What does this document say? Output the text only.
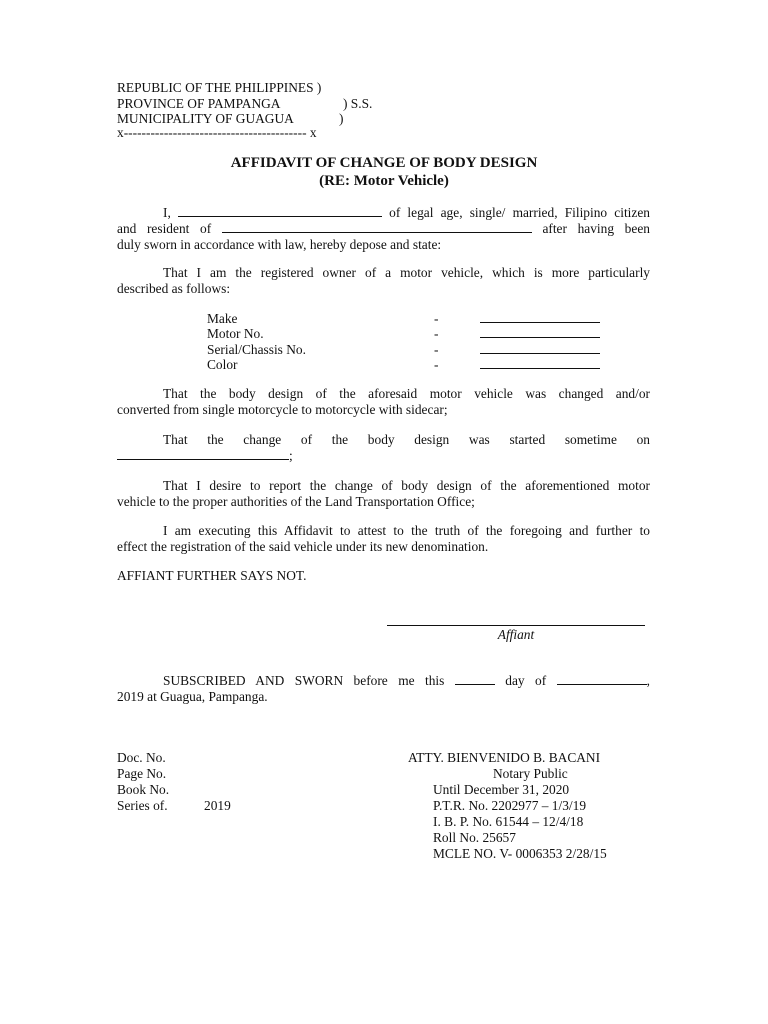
REPUBLIC OF THE PHILIPPINES )
PROVINCE OF PAMPANGA	) S.S.
MUNICIPALITY OF GUAGUA	)
x----------------------------------------- x
AFFIDAVIT OF CHANGE OF BODY DESIGN
(RE: Motor Vehicle)
I,	of legal age, single/ married, Filipino citizen
and resident of	after having been
duly sworn in accordance with law, hereby depose and state:
That I am the registered owner of a motor vehicle, which is more particularly
described as follows:
Make	-
Motor No.	-
Serial/Chassis No.	-
Color	-
That the body design of the aforesaid motor vehicle was changed and/or
converted from single motorcycle to motorcycle with sidecar;
That the change of the body design was started sometime on
;
That I desire to report the change of body design of the aforementioned motor
vehicle to the proper authorities of the Land Transportation Office;
I am executing this Affidavit to attest to the truth of the foregoing and further to
effect the registration of the said vehicle under its new denomination.
AFFIANT FURTHER SAYS NOT.
Affiant
SUBSCRIBED AND SWORN before me this	day of	,
2019 at Guagua, Pampanga.
Doc. No.
Page No.
Book No.
Series of.	2019
ATTY. BIENVENIDO B. BACANI
Notary Public
Until December 31, 2020
P.T.R. No. 2202977 – 1/3/19
I. B. P. No. 61544 – 12/4/18
Roll No. 25657
MCLE NO. V- 0006353 2/28/15
